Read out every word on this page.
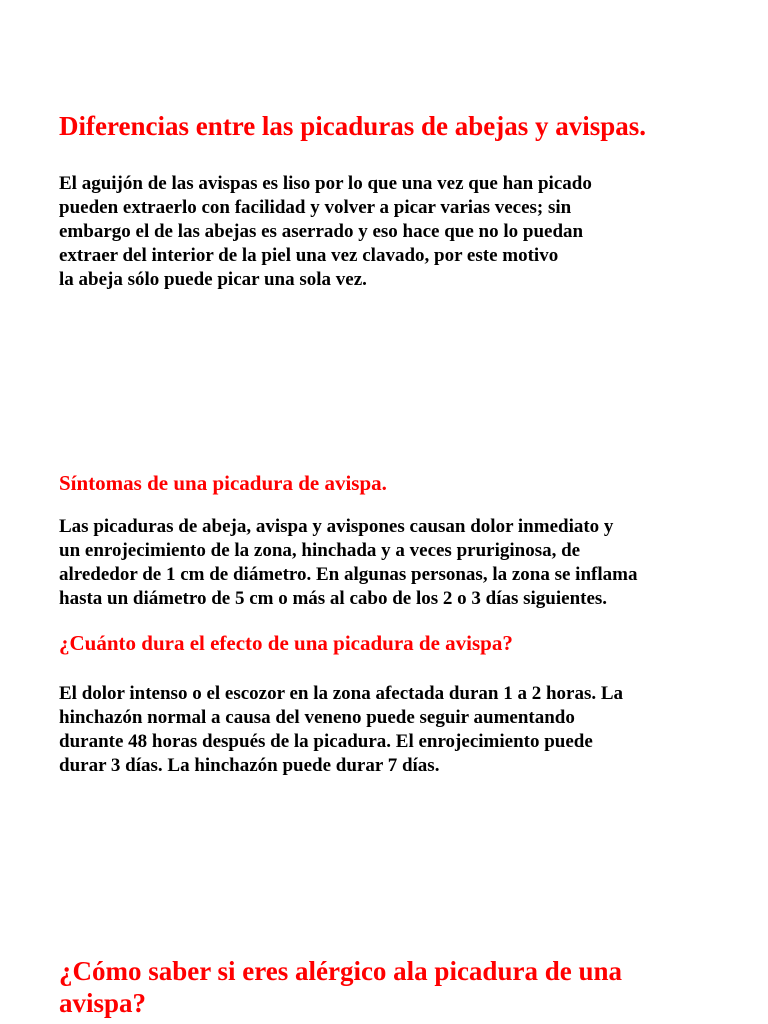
Diferencias entre las picaduras de abejas y avispas.
El aguijón de las avispas es liso por lo que una vez que han picado
pueden extraerlo con facilidad y volver a picar varias veces; sin
embargo el de las abejas es aserrado y eso hace que no lo puedan
extraer del interior de la piel una vez clavado, por este motivo
la abeja sólo puede picar una sola vez.
Síntomas de una picadura de avispa.
Las picaduras de abeja, avispa y avispones causan dolor inmediato y
un enrojecimiento de la zona, hinchada y a veces pruriginosa, de
alrededor de 1 cm de diámetro. En algunas personas, la zona se inflama
hasta un diámetro de 5 cm o más al cabo de los 2 o 3 días siguientes.
¿Cuánto dura el efecto de una picadura de avispa?
El dolor intenso o el escozor en la zona afectada duran 1 a 2 horas. La
hinchazón normal a causa del veneno puede seguir aumentando
durante 48 horas después de la picadura. El enrojecimiento puede
durar 3 días. La hinchazón puede durar 7 días.
¿Cómo saber si eres alérgico ala picadura de una avispa?
